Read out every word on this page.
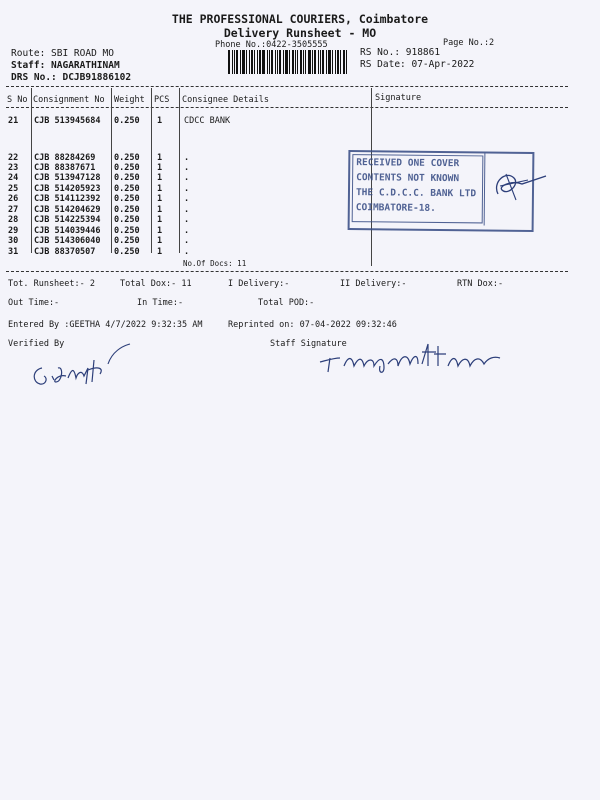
THE PROFESSIONAL COURIERS, Coimbatore
Delivery Runsheet - MO
Phone No.:0422-3505555	Page No.:2
Route: SBI ROAD MO
Staff: NAGARATHINAM
DRS No.: DCJB91886102
RS No.: 918861
RS Date: 07-Apr-2022
S No Consignment No Weight PCS Consignee Details	Signature
21 CJB 513945684 0.250 1	CDCC BANK
22 CJB 88284269 0.250 1	.
23 CJB 88387671 0.250 1	.
24 CJB 513947128 0.250 1	.
25 CJB 514205923 0.250 1	.
26 CJB 514112392 0.250 1	.
27 CJB 514204629 0.250 1	.
28 CJB 514225394 0.250 1	.
29 CJB 514039446 0.250 1	.
30 CJB 514306040 0.250 1	.
31 CJB 88370507 0.250 1	.
No.Of Docs: 11
RECEIVED ONE COVER
CONTENTS NOT KNOWN
THE C.D.C.C. BANK LTD
COIMBATORE-18.
Tot. Runsheet:- 2	Total Dox:- 11	I Delivery:-	II Delivery:-	RTN Dox:-
Out Time:-	In Time:-	Total POD:-
Entered By :GEETHA 4/7/2022 9:32:35 AM	Reprinted on: 07-04-2022 09:32:46
Verified By	Staff Signature
